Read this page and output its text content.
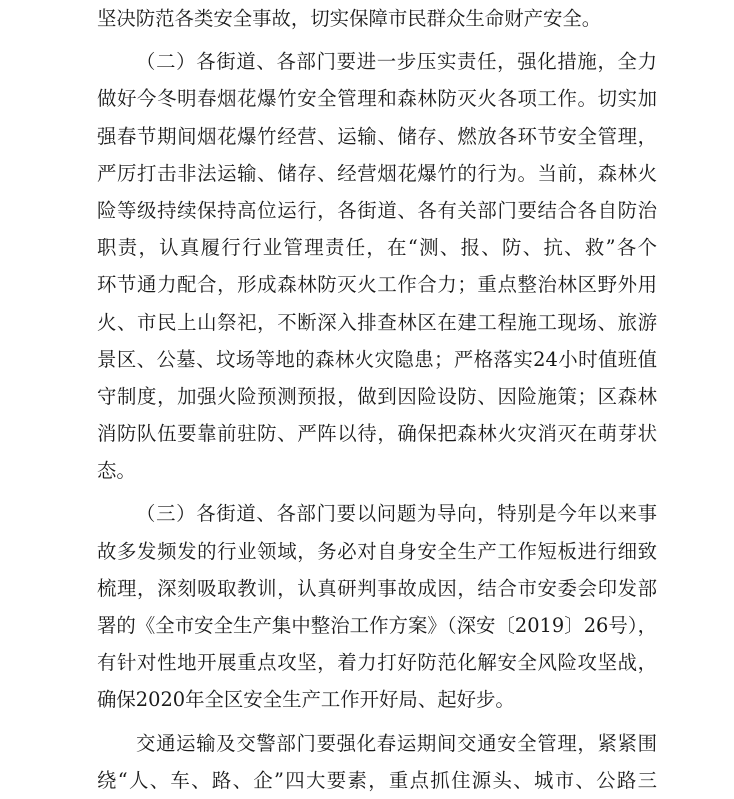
坚决防范各类安全事故，切实保障市民群众生命财产安全。
（二）各街道、各部门要进一步压实责任，强化措施，全力
做好今冬明春烟花爆竹安全管理和森林防灭火各项工作。切实加
强春节期间烟花爆竹经营、运输、储存、燃放各环节安全管理，
严厉打击非法运输、储存、经营烟花爆竹的行为。当前，森林火
险等级持续保持高位运行，各街道、各有关部门要结合各自防治
职责，认真履行行业管理责任，在“测、报、防、抗、救”各个
环节通力配合，形成森林防灭火工作合力；重点整治林区野外用
火、市民上山祭祀，不断深入排查林区在建工程施工现场、旅游
景区、公墓、坟场等地的森林火灾隐患；严格落实24小时值班值
守制度，加强火险预测预报，做到因险设防、因险施策；区森林
消防队伍要靠前驻防、严阵以待，确保把森林火灾消灭在萌芽状
态。
（三）各街道、各部门要以问题为导向，特别是今年以来事
故多发频发的行业领域，务必对自身安全生产工作短板进行细致
梳理，深刻吸取教训，认真研判事故成因，结合市安委会印发部
署的《全市安全生产集中整治工作方案》（深安〔2019〕26号），
有针对性地开展重点攻坚，着力打好防范化解安全风险攻坚战，
确保2020年全区安全生产工作开好局、起好步。
交通运输及交警部门要强化春运期间交通安全管理，紧紧围
绕“人、车、路、企”四大要素，重点抓住源头、城市、公路三
